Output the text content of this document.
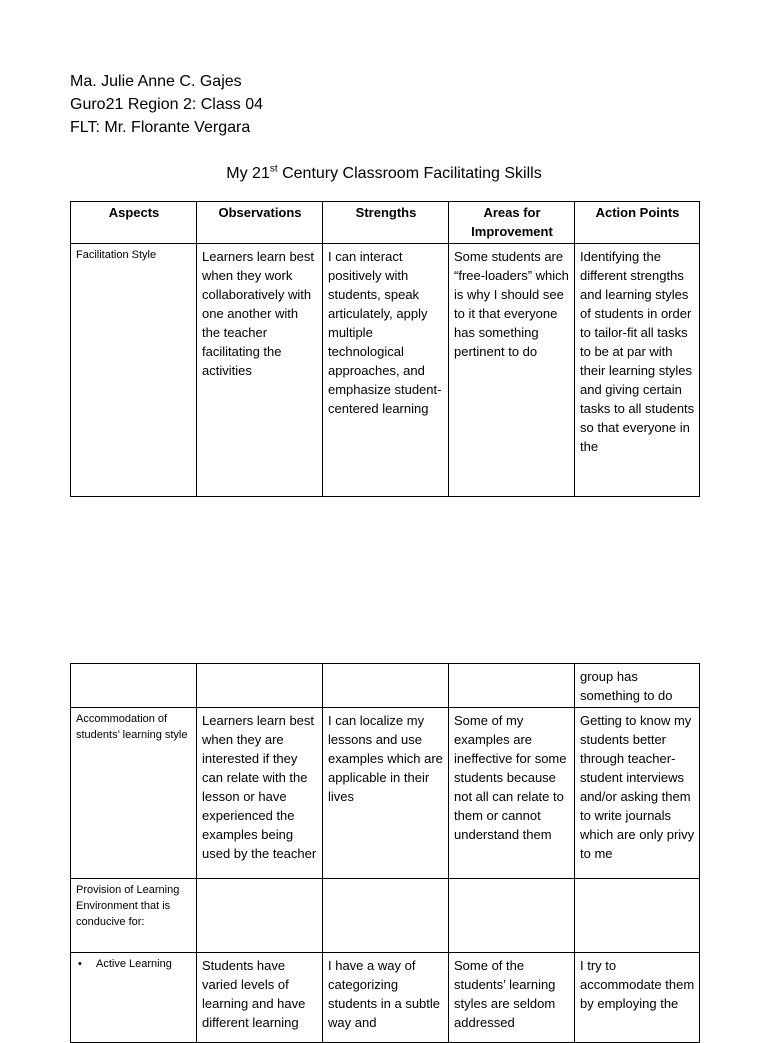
Ma. Julie Anne C. Gajes
Guro21 Region 2: Class 04
FLT: Mr. Florante Vergara
My 21st Century Classroom Facilitating Skills
Aspects	Observations	Strengths	Areas for Improvement	Action Points
Facilitation Style	Learners learn best when they work collaboratively with one another with the teacher facilitating the activities	I can interact positively with students, speak articulately, apply multiple technological approaches, and emphasize student-centered learning	Some students are “free-loaders” which is why I should see to it that everyone has something pertinent to do	Identifying the different strengths and learning styles of students in order to tailor-fit all tasks to be at par with their learning styles and giving certain tasks to all students so that everyone in the
				group has something to do
Accommodation of students’ learning style	Learners learn best when they are interested if they can relate with the lesson or have experienced the examples being used by the teacher	I can localize my lessons and use examples which are applicable in their lives	Some of my examples are ineffective for some students because not all can relate to them or cannot understand them	Getting to know my students better through teacher-student interviews and/or asking them to write journals which are only privy to me
Provision of Learning Environment that is conducive for:				

• Active Learning	Students have varied levels of learning and have different learning	I have a way of categorizing students in a subtle way and	Some of the students’ learning styles are seldom addressed	I try to accommodate them by employing the
